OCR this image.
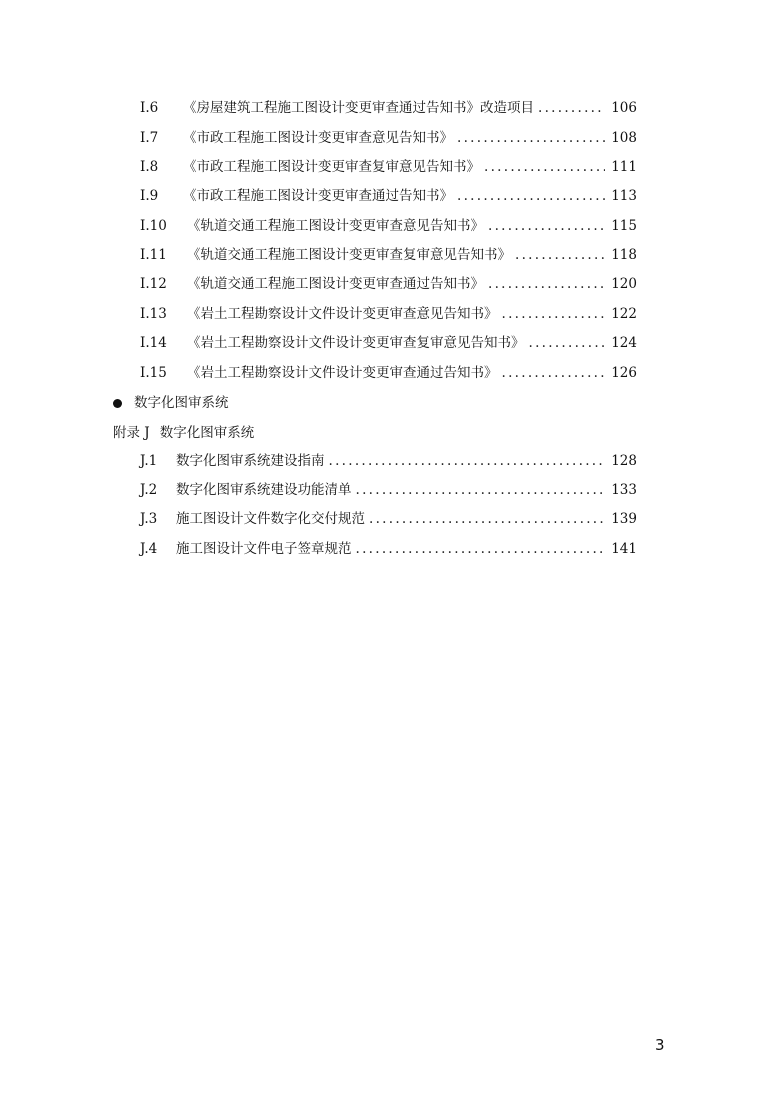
I.6	《房屋建筑工程施工图设计变更审查通过告知书》改造项目 . . .	106
I.7	《市政工程施工图设计变更审查意见告知书》 . . .	108
I.8	《市政工程施工图设计变更审查复审意见告知书》 . . .	111
I.9	《市政工程施工图设计变更审查通过告知书》 . . .	113
I.10	《轨道交通工程施工图设计变更审查意见告知书》 . . .	115
I.11	《轨道交通工程施工图设计变更审查复审意见告知书》 . . .	118
I.12	《轨道交通工程施工图设计变更审查通过告知书》 . . .	120
I.13	《岩土工程勘察设计文件设计变更审查意见告知书》 . . .	122
I.14	《岩土工程勘察设计文件设计变更审查复审意见告知书》 . . .	124
I.15	《岩土工程勘察设计文件设计变更审查通过告知书》 . . .	126
数字化图审系统
附录 J 数字化图审系统
J.1	数字化图审系统建设指南 . . .	128
J.2	数字化图审系统建设功能清单 . . .	133
J.3	施工图设计文件数字化交付规范 . . .	139
J.4	施工图设计文件电子签章规范 . . .	141
3
